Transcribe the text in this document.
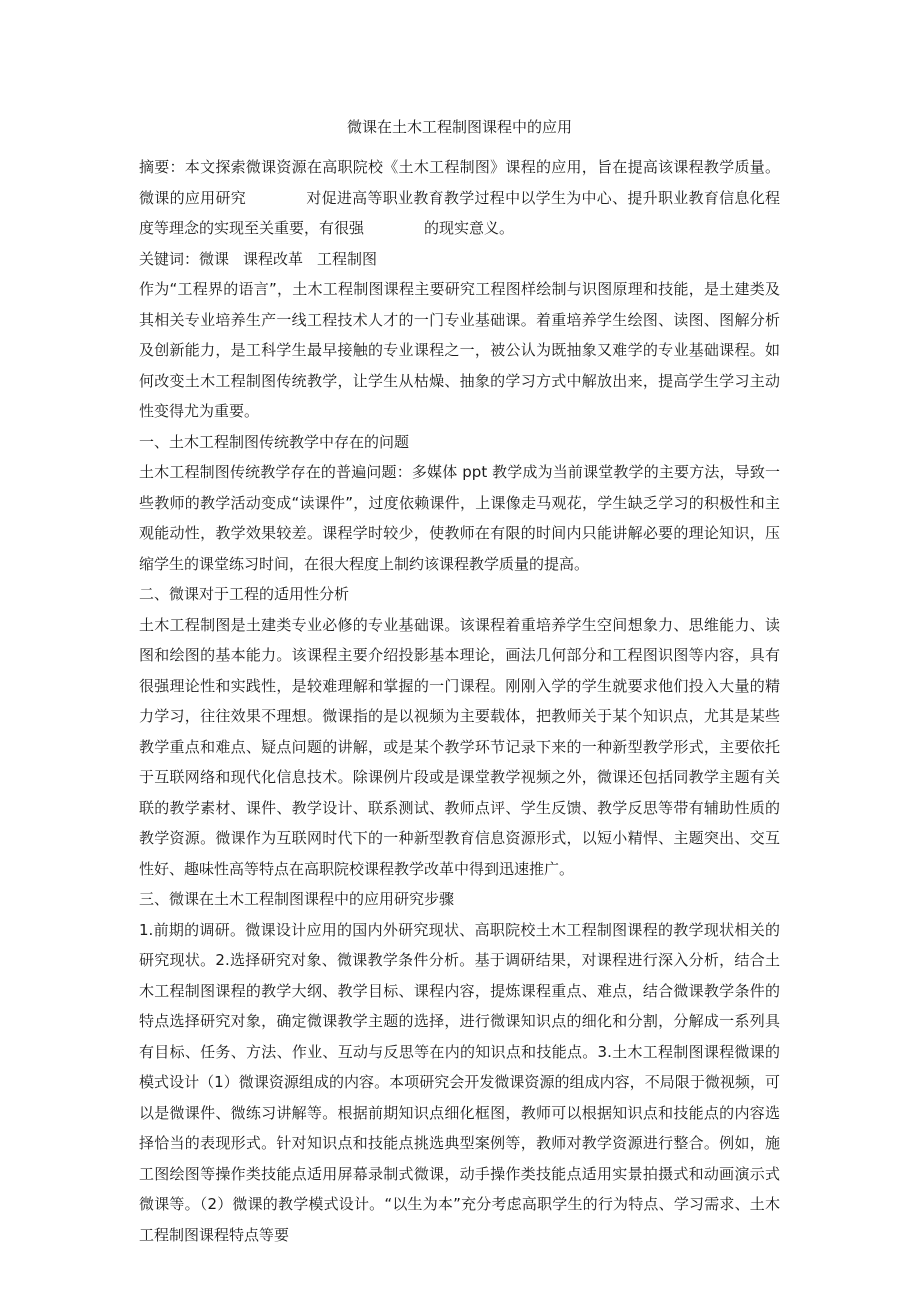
微课在土木工程制图课程中的应用

摘要：本文探索微课资源在高职院校《土木工程制图》课程的应用，旨在提高该课程教学质量。微课的应用研究	对促进高等职业教育教学过程中以学生为中心、提升职业教育信息化程度等理念的实现至关重要，有很强	的现实意义。

关键词：微课 课程改革 工程制图

作为“工程界的语言”，土木工程制图课程主要研究工程图样绘制与识图原理和技能，是土建类及其相关专业培养生产一线工程技术人才的一门专业基础课。着重培养学生绘图、读图、图解分析及创新能力，是工科学生最早接触的专业课程之一，被公认为既抽象又难学的专业基础课程。如何改变土木工程制图传统教学，让学生从枯燥、抽象的学习方式中解放出来，提高学生学习主动性变得尤为重要。

一、土木工程制图传统教学中存在的问题

土木工程制图传统教学存在的普遍问题：多媒体 ppt 教学成为当前课堂教学的主要方法，导致一些教师的教学活动变成“读课件”，过度依赖课件，上课像走马观花，学生缺乏学习的积极性和主观能动性，教学效果较差。课程学时较少，使教师在有限的时间内只能讲解必要的理论知识，压缩学生的课堂练习时间，在很大程度上制约该课程教学质量的提高。

二、微课对于工程的适用性分析

土木工程制图是土建类专业必修的专业基础课。该课程着重培养学生空间想象力、思维能力、读图和绘图的基本能力。该课程主要介绍投影基本理论，画法几何部分和工程图识图等内容，具有很强理论性和实践性，是较难理解和掌握的一门课程。刚刚入学的学生就要求他们投入大量的精力学习，往往效果不理想。微课指的是以视频为主要载体，把教师关于某个知识点，尤其是某些教学重点和难点、疑点问题的讲解，或是某个教学环节记录下来的一种新型教学形式，主要依托于互联网络和现代化信息技术。除课例片段或是课堂教学视频之外，微课还包括同教学主题有关联的教学素材、课件、教学设计、联系测试、教师点评、学生反馈、教学反思等带有辅助性质的教学资源。微课作为互联网时代下的一种新型教育信息资源形式，以短小精悍、主题突出、交互性好、趣味性高等特点在高职院校课程教学改革中得到迅速推广。

三、微课在土木工程制图课程中的应用研究步骤

1.前期的调研。微课设计应用的国内外研究现状、高职院校土木工程制图课程的教学现状相关的研究现状。2.选择研究对象、微课教学条件分析。基于调研结果，对课程进行深入分析，结合土木工程制图课程的教学大纲、教学目标、课程内容，提炼课程重点、难点，结合微课教学条件的特点选择研究对象，确定微课教学主题的选择，进行微课知识点的细化和分割，分解成一系列具有目标、任务、方法、作业、互动与反思等在内的知识点和技能点。3.土木工程制图课程微课的模式设计（1）微课资源组成的内容。本项研究会开发微课资源的组成内容，不局限于微视频，可以是微课件、微练习讲解等。根据前期知识点细化框图，教师可以根据知识点和技能点的内容选择恰当的表现形式。针对知识点和技能点挑选典型案例等，教师对教学资源进行整合。例如，施工图绘图等操作类技能点适用屏幕录制式微课，动手操作类技能点适用实景拍摄式和动画演示式微课等。（2）微课的教学模式设计。“以生为本”充分考虑高职学生的行为特点、学习需求、土木工程制图课程特点等要
